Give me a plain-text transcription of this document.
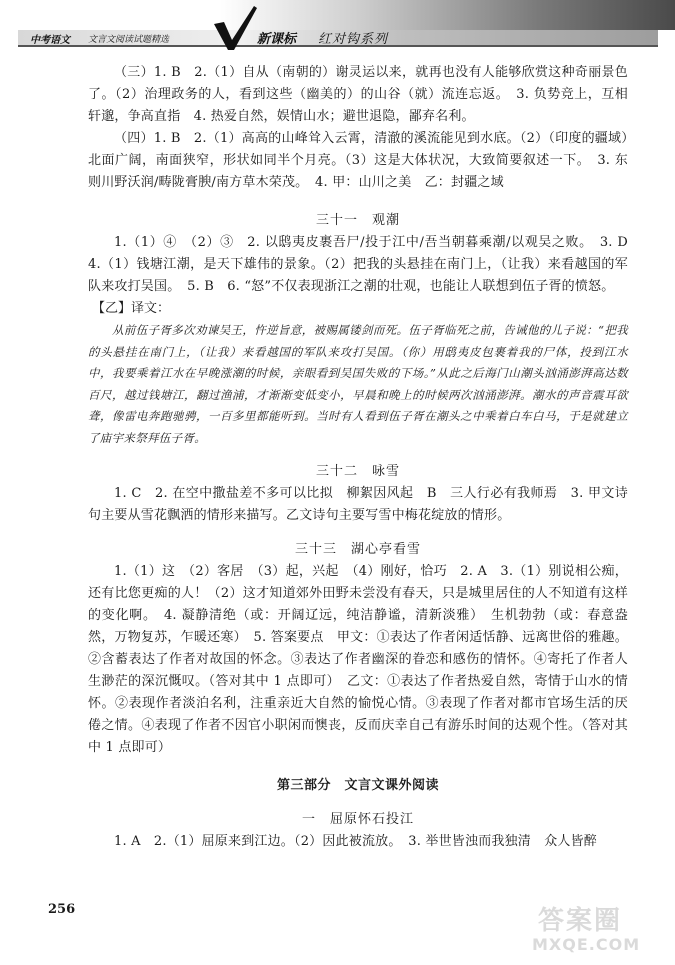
中考语文 文言文阅读试题精选	新课标 红对钩系列

（三）1. B　2.（1）自从（南朝的）谢灵运以来，就再也没有人能够欣赏这种奇丽景色了。（2）治理政务的人，看到这些（幽美的）的山谷（就）流连忘返。　3. 负势竞上，互相轩邈，争高直指　4. 热爱自然，娱情山水；避世退隐，鄙弃名利。

（四）1. B　2.（1）高高的山峰耸入云霄，清澈的溪流能见到水底。（2）（印度的疆域）北面广阔，南面狭窄，形状如同半个月亮。（3）这是大体状况，大致简要叙述一下。　3. 东则川野沃润/畴陇膏腴/南方草木荣茂。　4. 甲：山川之美　乙：封疆之域

三十一　观潮

1.（1）④　（2）③　2. 以鸱夷皮裹吾尸/投于江中/吾当朝暮乘潮/以观吴之败。　3. D　4.（1）钱塘江潮，是天下雄伟的景象。（2）把我的头悬挂在南门上，（让我）来看越国的军队来攻打吴国。　5. B　6. “怒”不仅表现浙江之潮的壮观，也能让人联想到伍子胥的愤怒。

【乙】译文：

从前伍子胥多次劝谏吴王，忤逆旨意，被赐属镂剑而死。伍子胥临死之前，告诫他的儿子说：“把我的头悬挂在南门上，（让我）来看越国的军队来攻打吴国。（你）用鸱夷皮包裹着我的尸体，投到江水中，我要乘着江水在早晚涨潮的时候，亲眼看到吴国失败的下场。”从此之后海门山潮头汹涌澎湃高达数百尺，越过钱塘江，翻过渔浦，才渐渐变低变小，早晨和晚上的时候两次汹涌澎湃。潮水的声音震耳欲聋，像雷电奔跑驰骋，一百多里都能听到。当时有人看到伍子胥在潮头之中乘着白车白马，于是就建立了庙宇来祭拜伍子胥。

三十二　咏雪

1. C　2. 在空中撒盐差不多可以比拟　柳絮因风起　B　三人行必有我师焉　3. 甲文诗句主要从雪花飘洒的情形来描写。乙文诗句主要写雪中梅花绽放的情形。

三十三　湖心亭看雪

1.（1）这　（2）客居　（3）起，兴起　（4）刚好，恰巧　2. A　3.（1）别说相公痴，还有比您更痴的人！（2）这才知道郊外田野未尝没有春天，只是城里居住的人不知道有这样的变化啊。　4. 凝静清绝（或：开阔辽远，纯洁静谧，清新淡雅）　生机勃勃（或：春意盎然，万物复苏，乍暖还寒）　5. 答案要点　甲文：①表达了作者闲适恬静、远离世俗的雅趣。②含蓄表达了作者对故国的怀念。③表达了作者幽深的眷恋和感伤的情怀。④寄托了作者人生渺茫的深沉慨叹。（答对其中 1 点即可）　乙文：①表达了作者热爱自然，寄情于山水的情怀。②表现作者淡泊名利，注重亲近大自然的愉悦心情。③表现了作者对都市官场生活的厌倦之情。④表现了作者不因官小职闲而懊丧，反而庆幸自己有游乐时间的达观个性。（答对其中 1 点即可）

第三部分　文言文课外阅读
一　屈原怀石投江

1. A　2.（1）屈原来到江边。（2）因此被流放。　3. 举世皆浊而我独清　众人皆醉

256	答案圈
MXQE.COM
